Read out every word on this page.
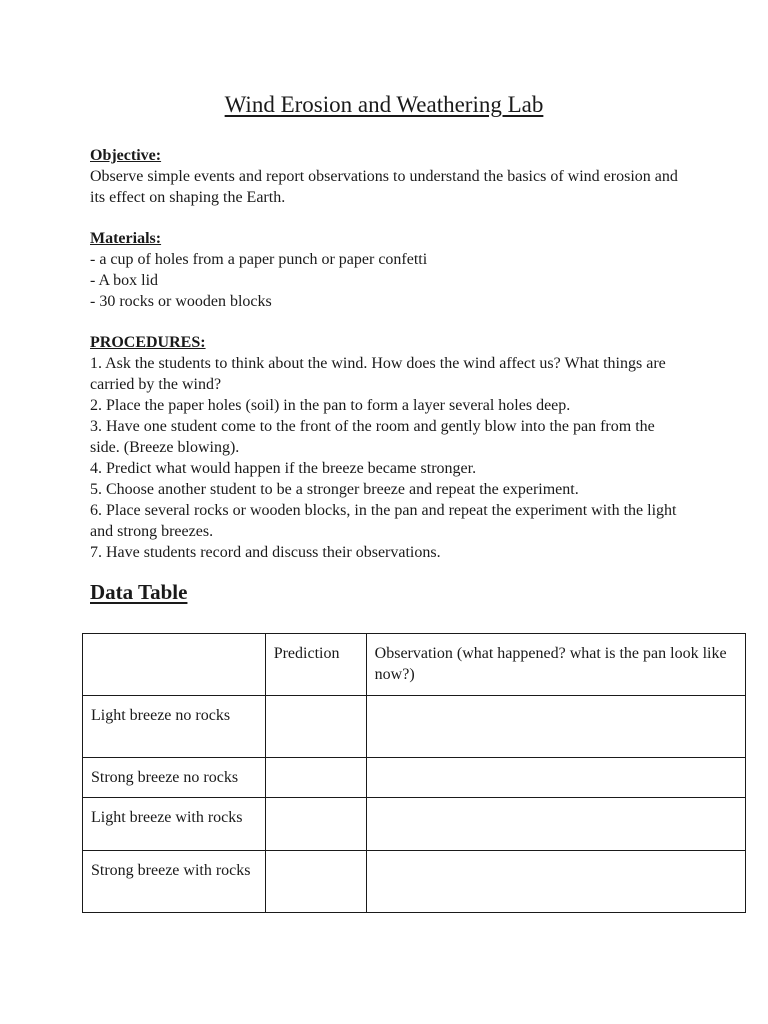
Wind Erosion and Weathering Lab

Objective:

Observe simple events and report observations to understand the basics of wind erosion and its effect on shaping the Earth.

Materials:

- a cup of holes from a paper punch or paper confetti

- A box lid

- 30 rocks or wooden blocks

PROCEDURES:

1. Ask the students to think about the wind. How does the wind affect us? What things are carried by the wind?

2. Place the paper holes (soil) in the pan to form a layer several holes deep.

3. Have one student come to the front of the room and gently blow into the pan from the side. (Breeze blowing).

4. Predict what would happen if the breeze became stronger.

5. Choose another student to be a stronger breeze and repeat the experiment.

6. Place several rocks or wooden blocks, in the pan and repeat the experiment with the light and strong breezes.

7. Have students record and discuss their observations.

Data Table
	Prediction	Observation (what happened? what is the pan look like now?)
Light breeze no rocks		
Strong breeze no rocks		
Light breeze with rocks		
Strong breeze with rocks		
